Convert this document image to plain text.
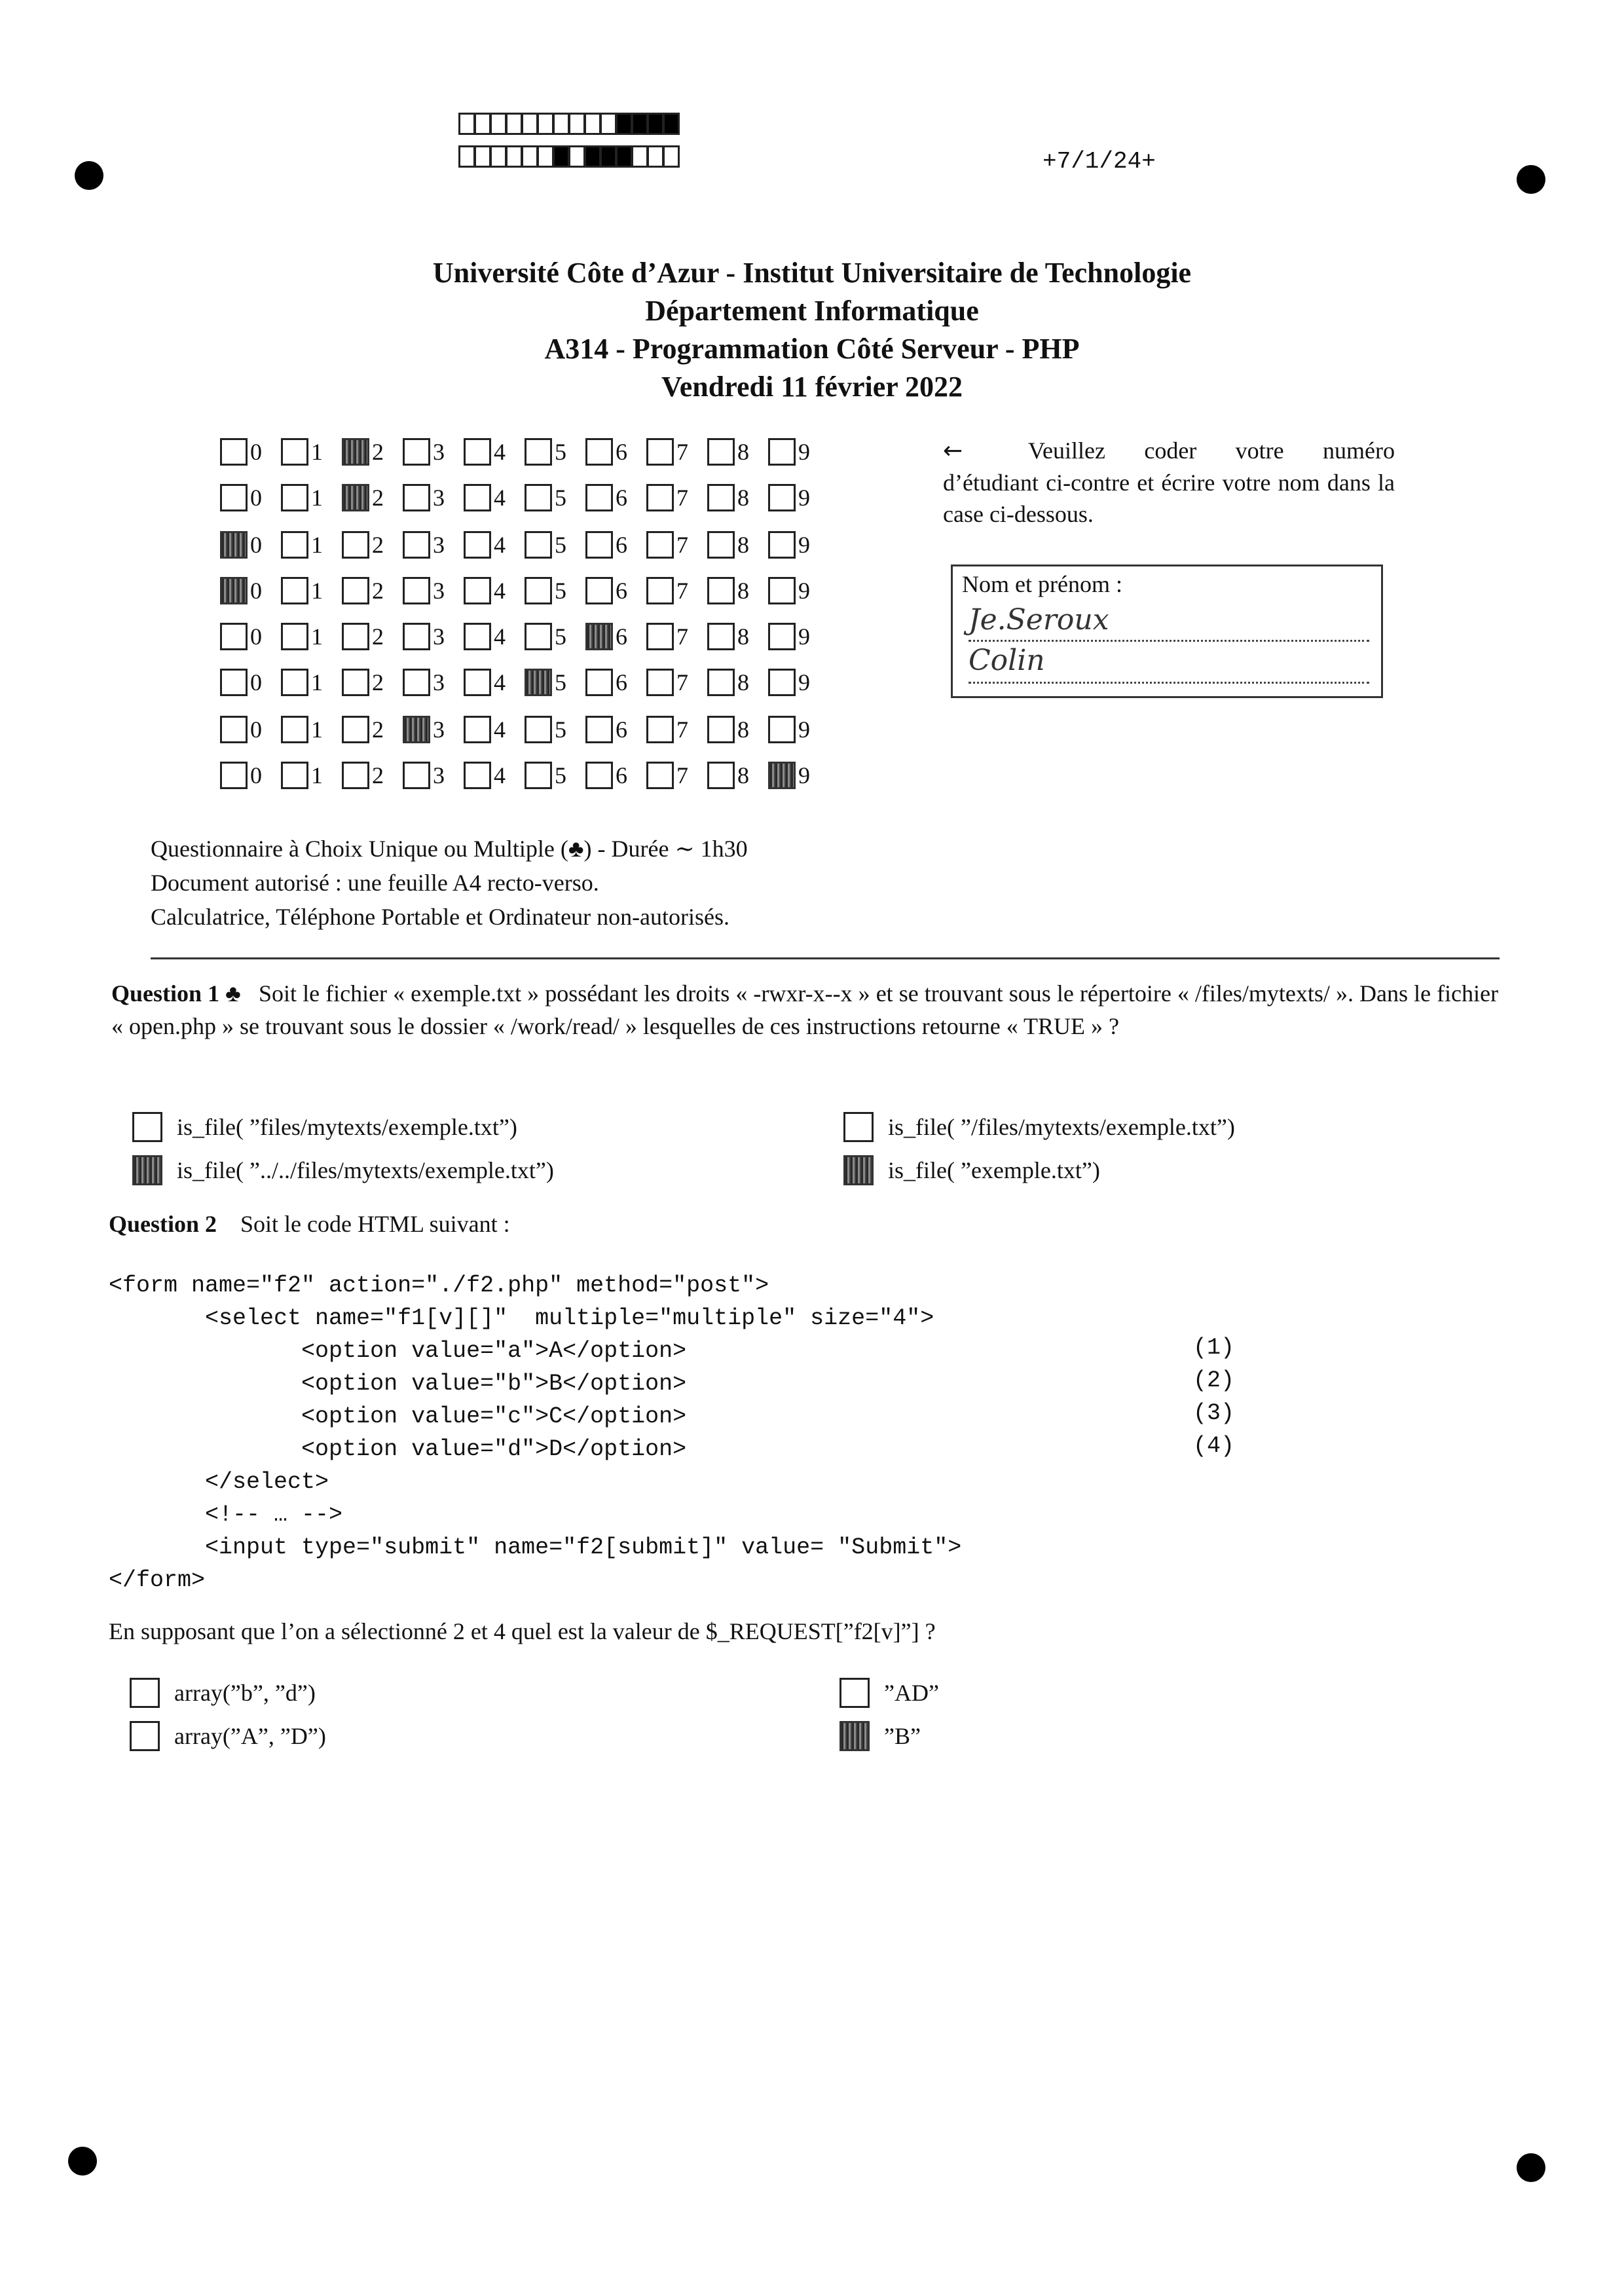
+7/1/24+
Université Côte d’Azur - Institut Universitaire de Technologie
Département Informatique
A314 - Programmation Côté Serveur - PHP
Vendredi 11 février 2022
0 1 2 3 4 5 6 7 8 9
0 1 2 3 4 5 6 7 8 9
0 1 2 3 4 5 6 7 8 9
0 1 2 3 4 5 6 7 8 9
0 1 2 3 4 5 6 7 8 9
0 1 2 3 4 5 6 7 8 9
0 1 2 3 4 5 6 7 8 9
0 1 2 3 4 5 6 7 8 9
←	Veuillez coder votre numéro d’étudiant ci-contre et écrire votre nom dans la case ci-dessous.
Nom et prénom :
Je.Seroux
Colin
Questionnaire à Choix Unique ou Multiple (♣) - Durée ∼ 1h30
Document autorisé : une feuille A4 recto-verso.
Calculatrice, Téléphone Portable et Ordinateur non-autorisés.
Question 1 ♣ Soit le fichier « exemple.txt » possédant les droits « -rwxr-x--x » et se trouvant sous le répertoire « /files/mytexts/ ». Dans le fichier « open.php » se trouvant sous le dossier « /work/read/ » lesquelles de ces instructions retourne « TRUE » ?
is_file( ”files/mytexts/exemple.txt”)	is_file( ”/files/mytexts/exemple.txt”)
is_file( ”../../files/mytexts/exemple.txt”)	is_file( ”exemple.txt”)
Question 2 Soit le code HTML suivant :
<form name="f2" action="./f2.php" method="post">
<select name="f1[v][]"  multiple="multiple" size="4">
<option value="a">A</option>
<option value="b">B</option>
<option value="c">C</option>
<option value="d">D</option>
</select>
<!-- … -->
<input type="submit" name="f2[submit]" value= "Submit">
</form>
(1)
(2)
(3)
(4)
En supposant que l’on a sélectionné 2 et 4 quel est la valeur de $_REQUEST[”f2[v]”] ?
array(”b”, ”d”)	”AD”
array(”A”, ”D”)	”B”
